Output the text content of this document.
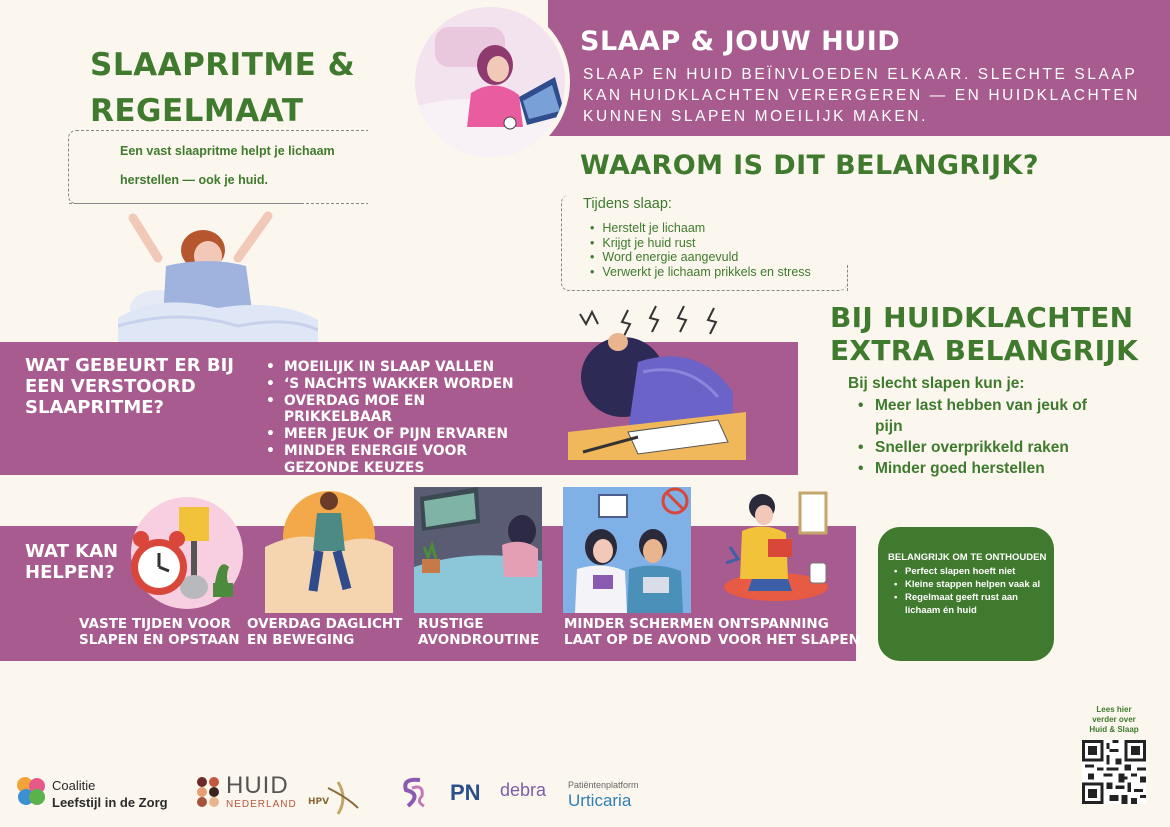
SLAAP & JOUW HUID

SLAAP EN HUID BEÏNVLOEDEN ELKAAR. SLECHTE SLAAP KAN HUIDKLACHTEN VERERGEREN — EN HUIDKLACHTEN KUNNEN SLAPEN MOEILIJK MAKEN.

SLAAPRITME &
REGELMAAT

Een vast slaapritme helpt je lichaam
herstellen — ook je huid.	WAAROM IS DIT BELANGRIJK?

Tijdens slaap:

• Herstelt je lichaam
• Krijgt je huid rust
• Word energie aangevuld
• Verwerkt je lichaam prikkels en stress
WAT GEBEURT ER BIJ EEN VERSTOORD SLAAPRITME?
• MOEILIJK IN SLAAP VALLEN
• ‘S NACHTS WAKKER WORDEN
• OVERDAG MOE EN PRIKKELBAAR
• MEER JEUK OF PIJN ERVAREN
• MINDER ENERGIE VOOR GEZONDE KEUZES
BIJ HUIDKLACHTEN
EXTRA BELANGRIJK

Bij slecht slapen kun je:

• Meer last hebben van jeuk of pijn
• Sneller overprikkeld raken
• Minder goed herstellen
WAT KAN HELPEN?
VASTE TIJDEN VOOR
SLAPEN EN OPSTAAN
OVERDAG DAGLICHT
EN BEWEGING
RUSTIGE
AVONDROUTINE
MINDER SCHERMEN
LAAT OP DE AVOND
ONTSPANNING
VOOR HET SLAPEN

BELANGRIJK OM TE ONTHOUDEN

• Perfect slapen hoeft niet
• Kleine stappen helpen vaak al
• Regelmaat geeft rust aan lichaam én huid

Lees hier
verder over
Huid & Slaap

Coalitie
Leefstijl in de Zorg
HUID
NEDERLAND HPV	PN debra Patiëntenplatform
Urticaria
